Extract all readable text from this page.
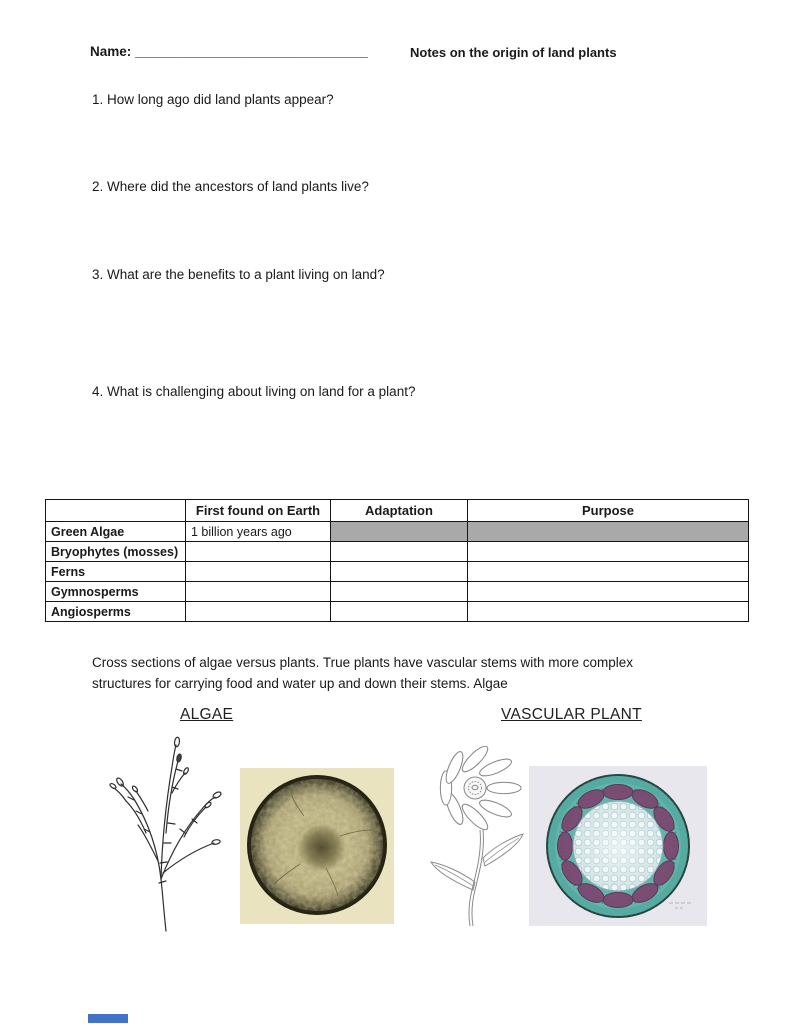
Name: _______________________________	Notes on the origin of land plants
1. How long ago did land plants appear?
2. Where did the ancestors of land plants live?
3. What are the benefits to a plant living on land?
4. What is challenging about living on land for a plant?
	First found on Earth	Adaptation	Purpose
Green Algae	1 billion years ago		
Bryophytes (mosses)			
Ferns			
Gymnosperms			
Angiosperms			
Cross sections of algae versus plants. True plants have vascular stems with more complex structures for carrying food and water up and down their stems. Algae
ALGAE	VASCULAR PLANT
